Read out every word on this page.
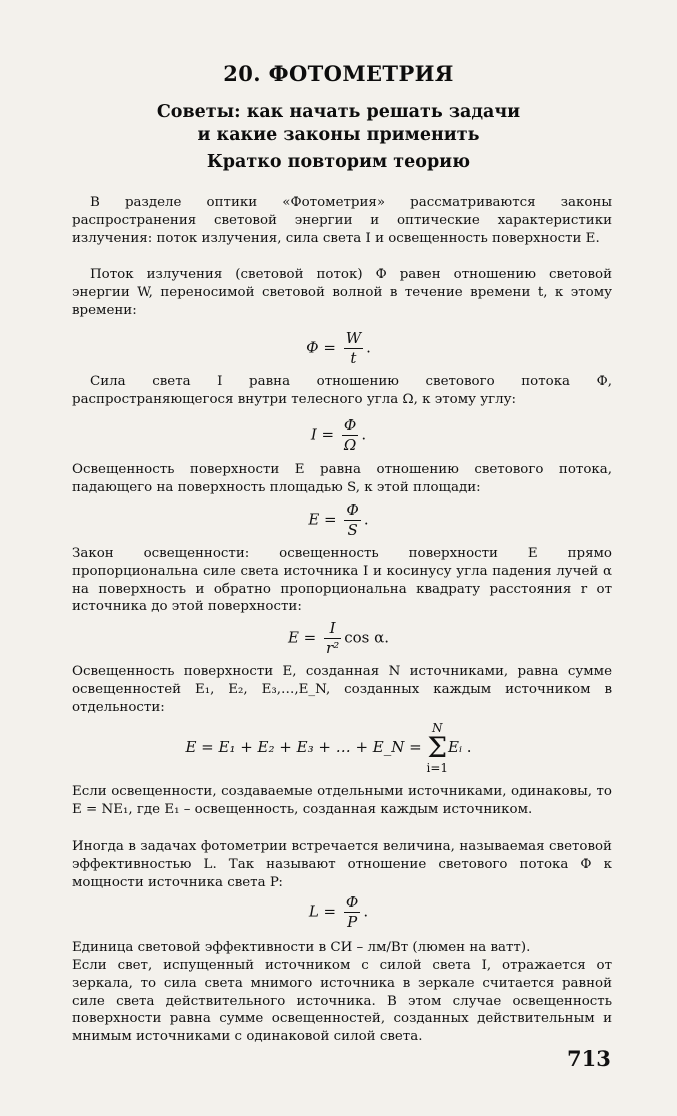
20. ФОТОМЕТРИЯ
Советы: как начать решать задачи
и какие законы применить
Кратко повторим теорию
В разделе оптики «Фотометрия» рассматриваются законы распространения световой энергии и оптические характеристики излучения: поток излучения, сила света I и освещенность поверхности E.
Поток излучения (световой поток) Ф равен отношению световой энергии W, переносимой световой волной в течение времени t, к этому времени:
$Ф = \frac{W}{t}$ .
Сила света I равна отношению светового потока Ф, распространяющегося внутри телесного угла Ω, к этому углу:
$I = \frac{Ф}{\Omega}$ .
Освещенность поверхности E равна отношению светового потока, падающего на поверхность площадью S, к этой площади:
$E = \frac{Ф}{S}$ .
Закон освещенности: освещенность поверхности E прямо пропорциональна силе света источника I и косинусу угла падения лучей α на поверхность и обратно пропорциональна квадрату расстояния r от источника до этой поверхности:
$E = \frac{I}{\text{r²}}$ cos α.
Освещенность поверхности E, созданная N источниками, равна сумме освещенностей E₁, E₂, E₃,…,E_N, созданных каждым источником в отдельности:
E = E₁ + E₂ + E₃ + … + E_N =
N
Σ
i=1
Eᵢ .
Если освещенности, создаваемые отдельными источниками, одинаковы, то E = NE₁, где E₁ – освещенность, созданная каждым источником.
Иногда в задачах фотометрии встречается величина, называемая световой эффективностью L. Так называют отношение светового потока Ф к мощности источника света P:
$L = \frac{Ф}{P}$ .
Единица световой эффективности в СИ – лм/Вт (люмен на ватт).
Если свет, испущенный источником с силой света I, отражается от зеркала, то сила света мнимого источника в зеркале считается равной силе света действительного источника. В этом случае освещенность поверхности равна сумме освещенностей, созданных действительным и мнимым источниками с одинаковой силой света.
713
